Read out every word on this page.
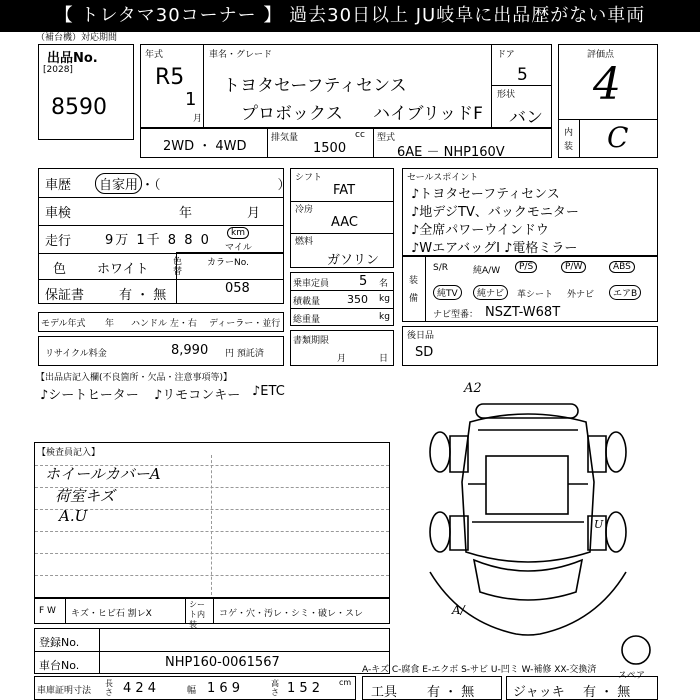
【 トレタマ30コーナー 】 過去30日以上 JU岐阜に出品歴がない車両
（補台機）対応期間
出品No.
[2028]
8590
年式
R5
1
月
車名・グレード
トヨタセーフティセンス
プロボックス ハイブリッドF
ドア
5
形状
バン
2WD ・ 4WD
排気量	cc
1500
型式
6AE － NHP160V
評価点
4
内
装 C
車歴	自家用 ・（　　　　　　　　　）
車検	年	月
走行	9万 1千 8 8 0	km
マイル
色 ホワイト	色替
保証書	有 ・ 無
カラーNo.
058
モデル年式 年 ハンドル 左・右 ディーラー・並行
リサイクル料金	8,990 円 預託済
シフト
FAT
冷房
AAC
燃料
ガソリン
乗車定員 5 名
積載量 350 kg
総重量	kg
書類期限
月	日
セールスポイント
♪トヨタセーフティセンス
♪地デジTV、バックモニター
♪全席パワーウインドウ
♪WエアバッグⅠ ♪電格ミラー
装
備
S/R	純A/W	P/S	P/W	ABS
純TV	純ナビ	革シート 外ナビ	エアB
ナビ型番： NSZT-W68T
後日品
SD
【出品店記入欄(不良箇所・欠品・注意事項等)】
♪シートヒーター ♪リモコンキー ♪ETC
【検査員記入】
ホイールカバーA
荷室キズ
A.U
A2
U
A/
スペア
F W キズ・ヒビ石 割レX
シート内装
コゲ・穴・汚レ・シミ・破レ・スレ
登録No.
車台No.	NHP160-0061567	A-キズ C-腐食 E-エクボ S-サビ U-凹ミ W-補修 XX-交換済
車庫証明寸法
長さ 4 2 4	幅 1 6 9	高さ 1 5 2 cm
工具 有 ・ 無	ジャッキ 有 ・ 無
